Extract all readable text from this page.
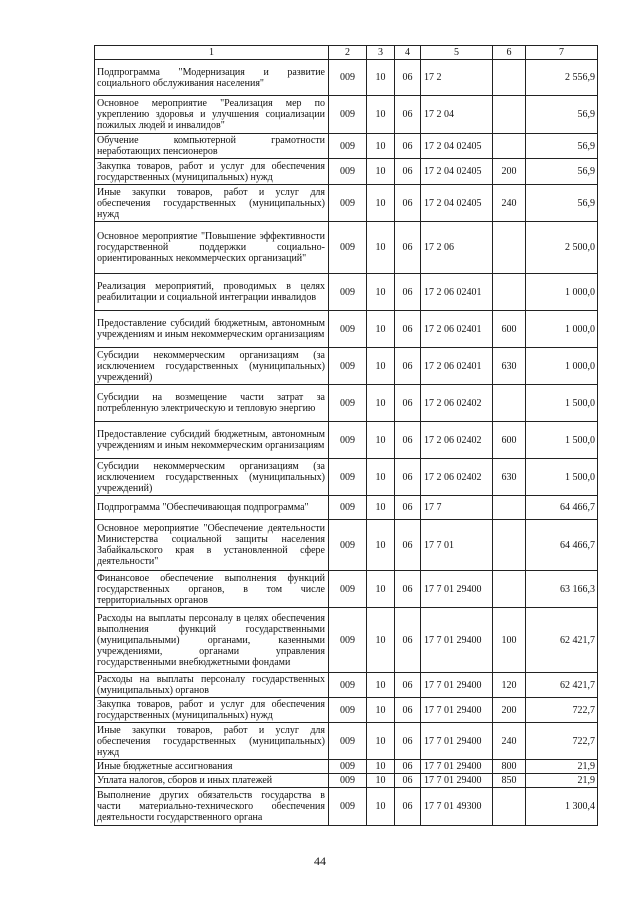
1	2	3	4	5	6	7
Подпрограмма "Модернизация и развитие социального обслуживания населения"	009	10	06	17 2		2 556,9
Основное мероприятие "Реализация мер по укреплению здоровья и улучшения социализации пожилых людей и инвалидов"	009	10	06	17 2 04		56,9
Обучение компьютерной грамотности неработающих пенсионеров	009	10	06	17 2 04 02405		56,9
Закупка товаров, работ и услуг для обеспечения государственных (муниципальных) нужд	009	10	06	17 2 04 02405	200	56,9
Иные закупки товаров, работ и услуг для обеспечения государственных (муниципальных) нужд	009	10	06	17 2 04 02405	240	56,9
Основное мероприятие "Повышение эффективности государственной поддержки социально-ориентированных некоммерческих организаций"	009	10	06	17 2 06		2 500,0
Реализация мероприятий, проводимых в целях реабилитации и социальной интеграции инвалидов	009	10	06	17 2 06 02401		1 000,0
Предоставление субсидий бюджетным, автономным учреждениям и иным некоммерческим организациям	009	10	06	17 2 06 02401	600	1 000,0
Субсидии некоммерческим организациям (за исключением государственных (муниципальных) учреждений)	009	10	06	17 2 06 02401	630	1 000,0
Субсидии на возмещение части затрат за потребленную электрическую и тепловую энергию	009	10	06	17 2 06 02402		1 500,0
Предоставление субсидий бюджетным, автономным учреждениям и иным некоммерческим организациям	009	10	06	17 2 06 02402	600	1 500,0
Субсидии некоммерческим организациям (за исключением государственных (муниципальных) учреждений)	009	10	06	17 2 06 02402	630	1 500,0
Подпрограмма "Обеспечивающая подпрограмма"	009	10	06	17 7		64 466,7
Основное мероприятие "Обеспечение деятельности Министерства социальной защиты населения Забайкальского края в установленной сфере деятельности"	009	10	06	17 7 01		64 466,7
Финансовое обеспечение выполнения функций государственных органов, в том числе территориальных органов	009	10	06	17 7 01 29400		63 166,3
Расходы на выплаты персоналу в целях обеспечения выполнения функций государственными (муниципальными) органами, казенными учреждениями, органами управления государственными внебюджетными фондами	009	10	06	17 7 01 29400	100	62 421,7
Расходы на выплаты персоналу государственных (муниципальных) органов	009	10	06	17 7 01 29400	120	62 421,7
Закупка товаров, работ и услуг для обеспечения государственных (муниципальных) нужд	009	10	06	17 7 01 29400	200	722,7
Иные закупки товаров, работ и услуг для обеспечения государственных (муниципальных) нужд	009	10	06	17 7 01 29400	240	722,7
Иные бюджетные ассигнования	009	10	06	17 7 01 29400	800	21,9
Уплата налогов, сборов и иных платежей	009	10	06	17 7 01 29400	850	21,9
Выполнение других обязательств государства в части материально-технического обеспечения деятельности государственного органа	009	10	06	17 7 01 49300		1 300,4
44
